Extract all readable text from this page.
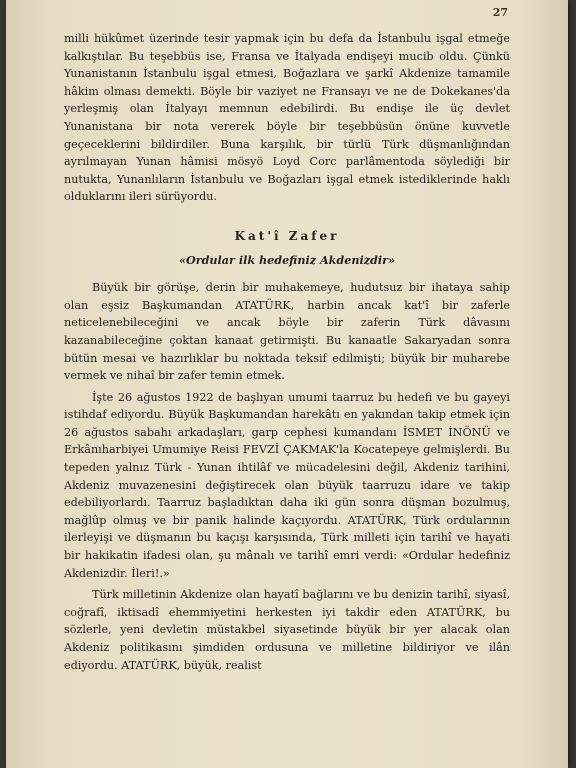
27

milli hükûmet üzerinde tesir yapmak için bu defa da İstanbulu işgal etmeğe kalkıştılar. Bu teşebbüs ise, Fransa ve İtalyada endişeyi mucib oldu. Çünkü Yunanistanın İstanbulu işgal etmesi, Boğazlara ve şarkî Akdenize tamamile hâkim olması demekti. Böyle bir vaziyet ne Fransayı ve ne de Dokekanes'da yerleşmiş olan İtalyayı memnun edebilirdi. Bu endişe ile üç devlet Yunanistana bir nota vererek böyle bir teşebbüsün önüne kuvvetle geçeceklerini bildirdiler. Buna karşılık, bir türlü Türk düşmanlığından ayrılmayan Yunan hâmisi mösyö Loyd Corc parlâmentoda söylediği bir nutukta, Yunanlıların İstanbulu ve Boğazları işgal etmek istediklerinde haklı olduklarını ileri sürüyordu.

Kat'î Zafer
«Ordular ilk hedefiniz Akdenizdir»

Büyük bir görüşe, derin bir muhakemeye, hudutsuz bir ihataya sahip olan eşsiz Başkumandan ATATÜRK, harbin ancak kat'î bir zaferle neticelenebileceğini ve ancak böyle bir zaferin Türk dâvasını kazanabileceğine çoktan kanaat getirmişti. Bu kanaatle Sakaryadan sonra bütün mesai ve hazırlıklar bu noktada teksif edilmişti; büyük bir muharebe vermek ve nihaî bir zafer temin etmek.

İşte 26 ağustos 1922 de başlıyan umumi taarruz bu hedefi ve bu gayeyi istihdaf ediyordu. Büyük Başkumandan harekâtı en yakından takip etmek için 26 ağustos sabahı arkadaşları, garp cephesi kumandanı İSMET İNÖNÜ ve Erkânıharbiyei Umumiye Reisi FEVZİ ÇAKMAK'la Kocatepeye gelmişlerdi. Bu tepeden yalnız Türk - Yunan ihtilâf ve mücadelesini değil, Akdeniz tarihini, Akdeniz muvazenesini değiştirecek olan büyük taarruzu idare ve takip edebiliyorlardı. Taarruz başladıktan daha iki gün sonra düşman bozulmuş, mağlûp olmuş ve bir panik halinde kaçıyordu. ATATÜRK, Türk ordularının ilerleyişi ve düşmanın bu kaçışı karşısında, Türk milleti için tarihî ve hayati bir hakikatin ifadesi olan, şu mânalı ve tarihî emri verdi: «Ordular hedefiniz Akdenizdir. İleri!.»

Türk milletinin Akdenize olan hayatî bağlarını ve bu denizin tarihî, siyasî, coğrafî, iktisadî ehemmiyetini herkesten iyi takdir eden ATATÜRK, bu sözlerle, yeni devletin müstakbel siyasetinde büyük bir yer alacak olan Akdeniz politikasını şimdiden ordusuna ve milletine bildiriyor ve ilân ediyordu. ATATÜRK, büyük, realist
